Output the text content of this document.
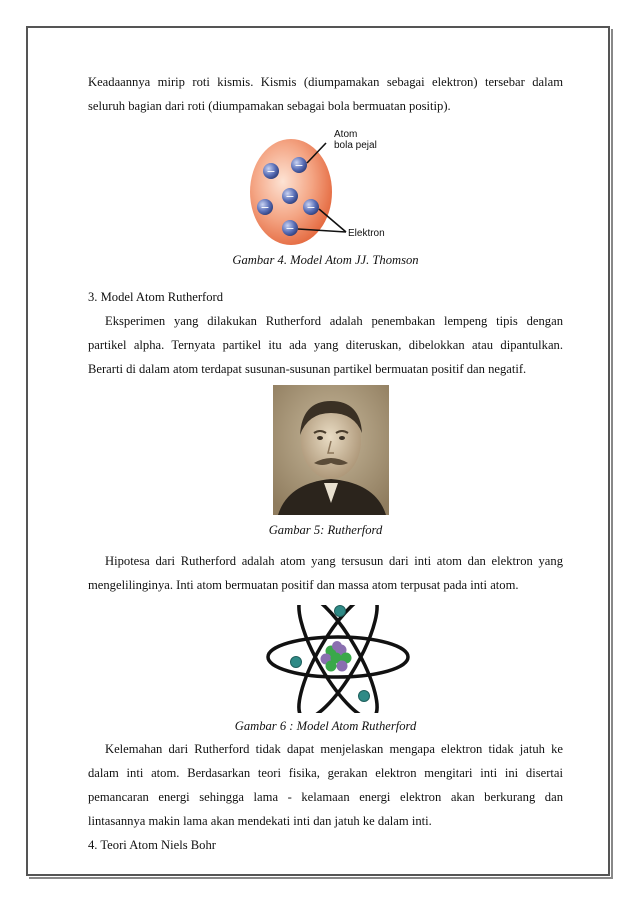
Keadaannya mirip roti kismis. Kismis (diumpamakan sebagai elektron) tersebar dalam

seluruh bagian dari roti (diumpamakan sebagai bola bermuatan positip).

− −
−
−	−
−
Atom
bola pejal
Elektron
Gambar 4. Model Atom JJ. Thomson

3. Model Atom Rutherford

Eksperimen yang dilakukan Rutherford adalah penembakan lempeng tipis dengan

partikel alpha. Ternyata partikel itu ada yang diteruskan, dibelokkan atau dipantulkan.

Berarti di dalam atom terdapat susunan-susunan partikel bermuatan positif dan negatif.

Gambar 5: Rutherford

Hipotesa dari Rutherford adalah atom yang tersusun dari inti atom dan elektron yang

mengelilinginya. Inti atom bermuatan positif dan massa atom terpusat pada inti atom.

Gambar 6 : Model Atom Rutherford

Kelemahan dari Rutherford tidak dapat menjelaskan mengapa elektron tidak jatuh ke

dalam inti atom. Berdasarkan teori fisika, gerakan elektron mengitari inti ini disertai

pemancaran energi sehingga lama - kelamaan energi elektron akan berkurang dan

lintasannya makin lama akan mendekati inti dan jatuh ke dalam inti.

4. Teori Atom Niels Bohr
